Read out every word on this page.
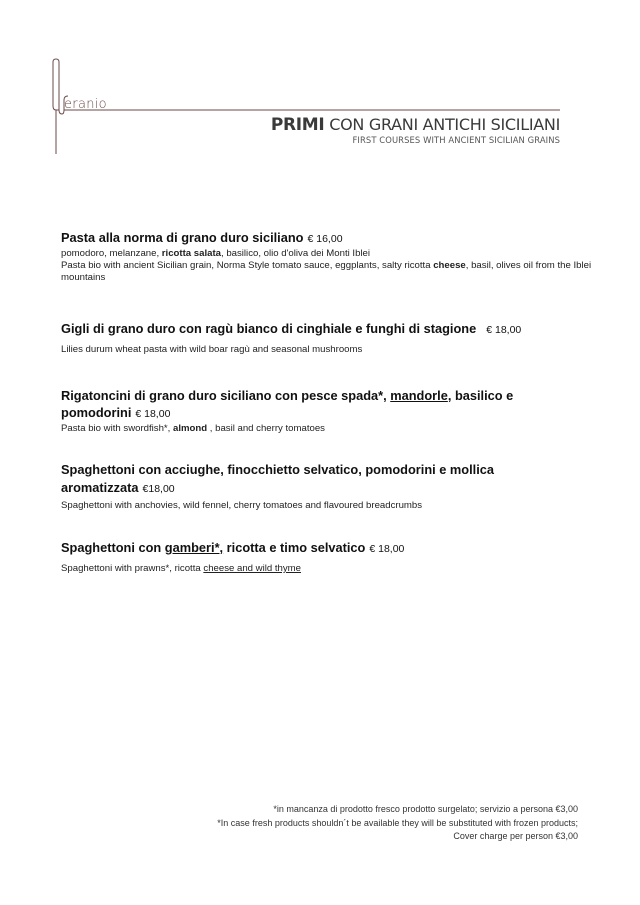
eranio
PRIMI CON GRANI ANTICHI SICILIANI
FIRST COURSES WITH ANCIENT SICILIAN GRAINS
Pasta alla norma di grano duro siciliano € 16,00
pomodoro, melanzane, ricotta salata, basilico, olio d'oliva dei Monti Iblei
Pasta bio with ancient Sicilian grain, Norma Style tomato sauce, eggplants, salty ricotta cheese, basil, olives oil from the Iblei mountains
Gigli di grano duro con ragù bianco di cinghiale e funghi di stagione € 18,00
Lilies durum wheat pasta with wild boar ragù and seasonal mushrooms
Rigatoncini di grano duro siciliano con pesce spada*, mandorle, basilico e pomodorini € 18,00
Pasta bio with swordfish*, almond , basil and cherry tomatoes
Spaghettoni con acciughe, finocchietto selvatico, pomodorini e mollica aromatizzata €18,00
Spaghettoni with anchovies, wild fennel, cherry tomatoes and flavoured breadcrumbs
Spaghettoni con gamberi*, ricotta e timo selvatico € 18,00
Spaghettoni with prawns*, ricotta cheese and wild thyme
*in mancanza di prodotto fresco prodotto surgelato; servizio a persona €3,00
*In case fresh products shouldn´t be available they will be substituted with frozen products;
Cover charge per person €3,00
